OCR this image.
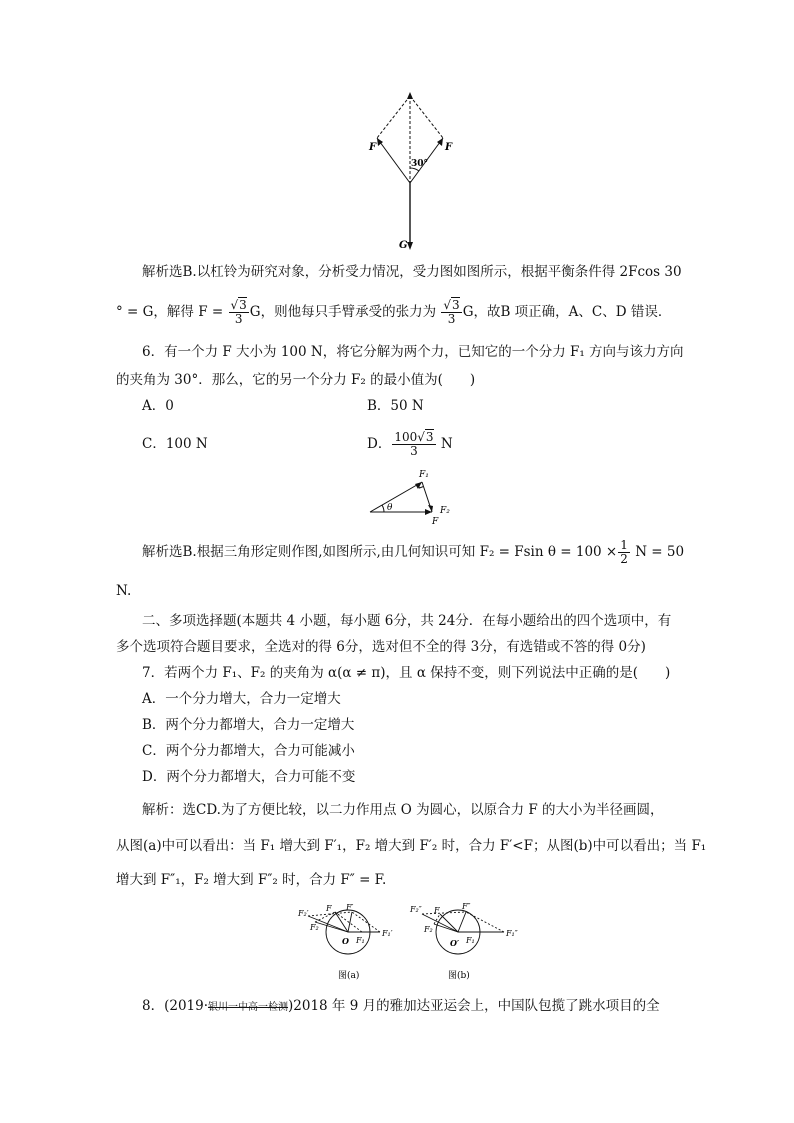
F	F
30°
G
解析选B.以杠铃为研究对象，分析受力情况，受力图如图所示，根据平衡条件得 2Fcos 30
° = G，解得 $F = \frac{√3}{3}$ G，则他每只手臂承受的张力为 $\frac{√3}{3}$ G，故B 项正确，A、C、D 错误．
6．有一个力 F 大小为 100 N，将它分解为两个力，已知它的一个分力 F₁ 方向与该力方向
的夹角为 30°．那么，它的另一个分力 F₂ 的最小值为(　　)
A．0	B．50 N
C．100 N	D． $\frac{100√3}{3}$ N
F₁
θ	F₂
F
解析选B.根据三角形定则作图,如图所示,由几何知识可知 F₂ = Fsin $\theta = 100 \times \frac{1}{2}$ N = 50
N.
二、多项选择题(本题共 4 小题，每小题 6分，共 24分．在每小题给出的四个选项中，有
多个选项符合题目要求，全选对的得 6分，选对但不全的得 3分，有选错或不答的得 0分)
7．若两个力 F₁、F₂ 的夹角为 α(α ≠ π)，且 α 保持不变，则下列说法中正确的是(　　)
A．一个分力增大，合力一定增大
B．两个分力都增大，合力一定增大
C．两个分力都增大，合力可能减小
D．两个分力都增大，合力可能不变
解析：选CD.为了方便比较，以二力作用点 O 为圆心，以原合力 F 的大小为半径画圆，
从图(a)中可以看出：当 F₁ 增大到 F′₁，F₂ 增大到 F′₂ 时，合力 F′<F；从图(b)中可以看出；当 F₁
增大到 F″₁，F₂ 增大到 F″₂ 时，合力 F″ = F.
F₂′
F F′
F₂
O F₁
F₁′
图(a)
F₂″ F	F″
F₂
O′ F₁
F₁″
图(b)
8．(2019·银川一中高一检测)2018 年 9 月的雅加达亚运会上，中国队包揽了跳水项目的全
